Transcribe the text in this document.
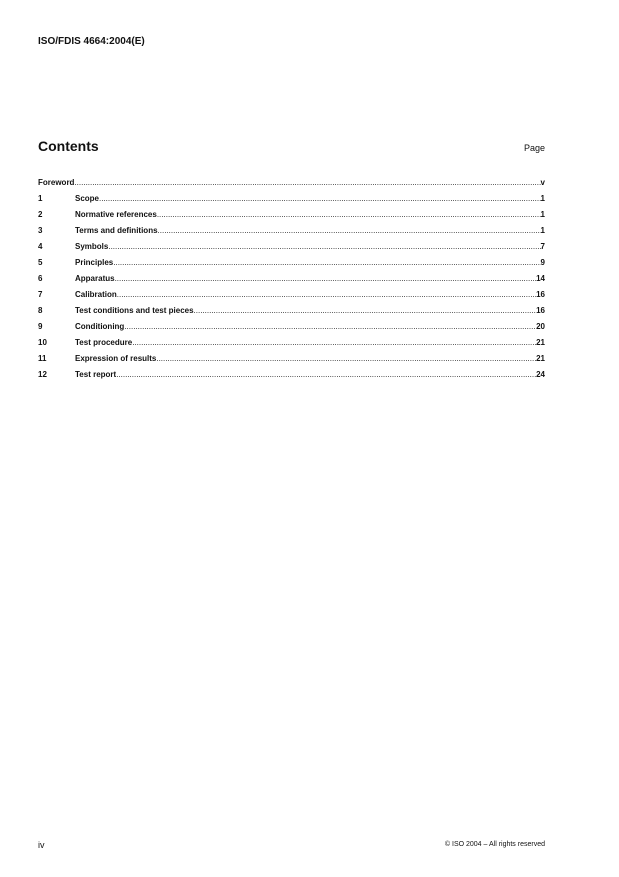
ISO/FDIS 4664:2004(E)
Contents	Page
Foreword .....	v
1	Scope .....	1
2	Normative references .....	1
3	Terms and definitions .....	1
4	Symbols .....	7
5	Principles .....	9
6	Apparatus .....	14
7	Calibration .....	16
8	Test conditions and test pieces .....	16
9	Conditioning .....	20
10	Test procedure .....	21
11	Expression of results .....	21
12	Test report .....	24
iv	© ISO 2004 – All rights reserved
